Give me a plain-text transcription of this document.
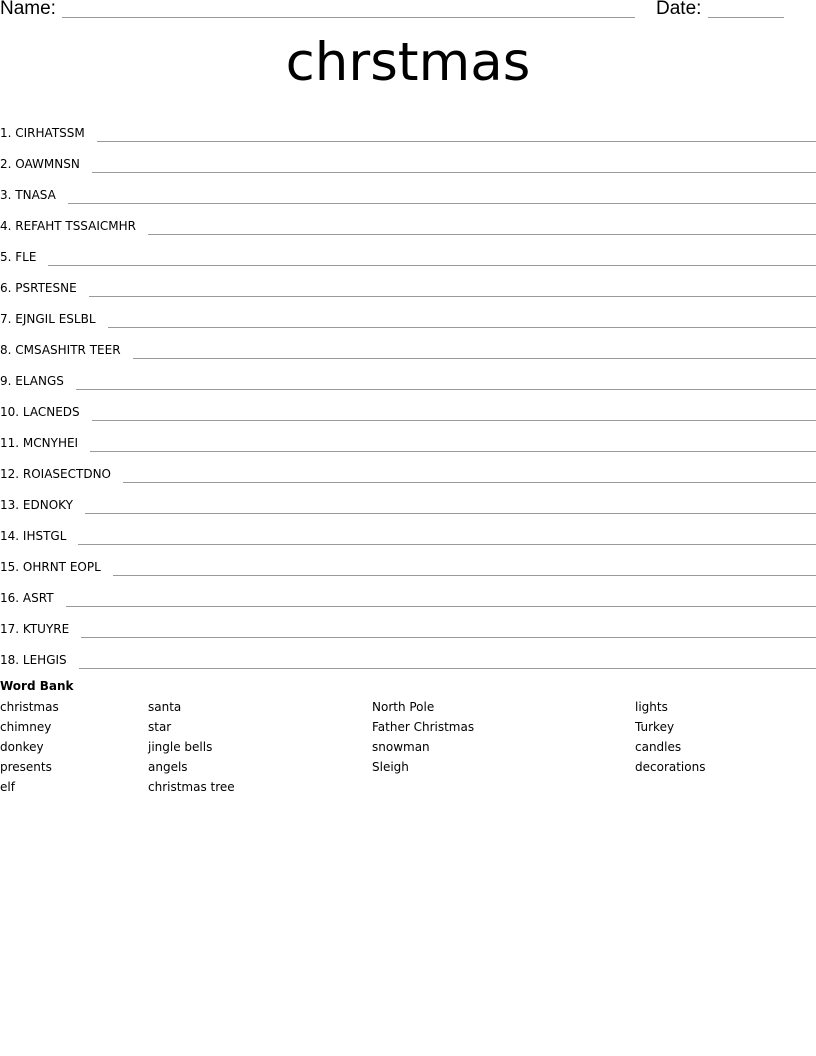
Name:	Date:
chrstmas
1. CIRHATSSM
2. OAWMNSN
3. TNASA
4. REFAHT TSSAICMHR
5. FLE
6. PSRTESNE
7. EJNGIL ESLBL
8. CMSASHITR TEER
9. ELANGS
10. LACNEDS
11. MCNYHEI
12. ROIASECTDNO
13. EDNOKY
14. IHSTGL
15. OHRNT EOPL
16. ASRT
17. KTUYRE
18. LEHGIS
Word Bank
christmas
chimney
donkey
presents
elf
santa
star
jingle bells
angels
christmas tree
North Pole
Father Christmas
snowman
Sleigh
lights
Turkey
candles
decorations
